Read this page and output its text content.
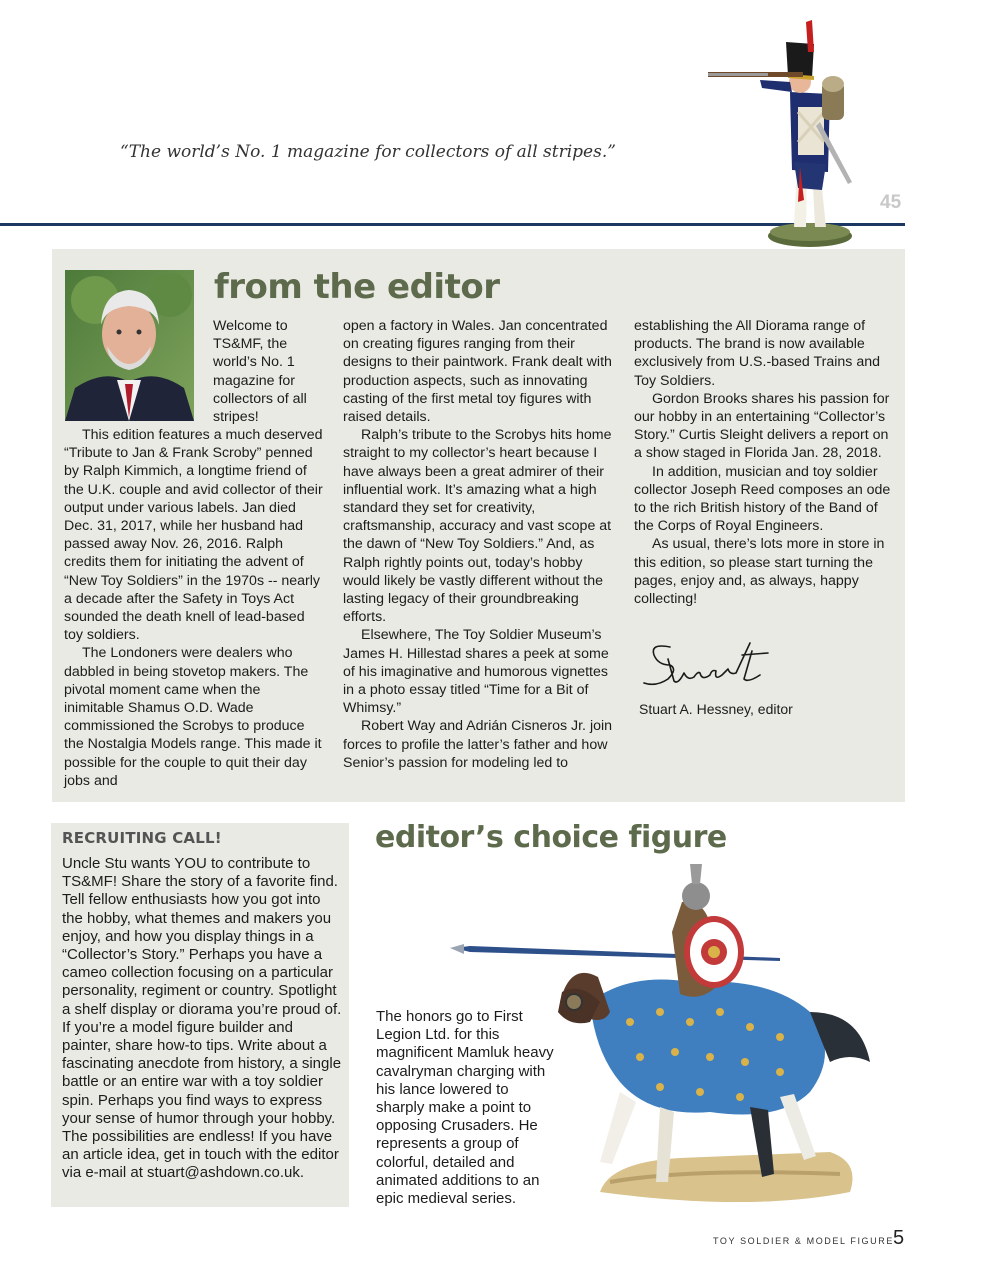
“The world’s No. 1 magazine for collectors of all stripes.”
45
from the editor

Welcome to TS&MF, the world’s No. 1 magazine for collectors of all stripes!

This edition features a much deserved “Tribute to Jan & Frank Scroby” penned by Ralph Kimmich, a longtime friend of the U.K. couple and avid collector of their output under various labels. Jan died Dec. 31, 2017, while her husband had passed away Nov. 26, 2016. Ralph credits them for initiating the advent of “New Toy Soldiers” in the 1970s -- nearly a decade after the Safety in Toys Act sounded the death knell of lead-based toy soldiers.

The Londoners were dealers who dabbled in being stovetop makers. The pivotal moment came when the inimitable Shamus O.D. Wade commissioned the Scrobys to produce the Nostalgia Models range. This made it possible for the couple to quit their day jobs and

open a factory in Wales. Jan concentrated on creating figures ranging from their designs to their paintwork. Frank dealt with production aspects, such as innovating casting of the first metal toy figures with raised details.

Ralph’s tribute to the Scrobys hits home straight to my collector’s heart because I have always been a great admirer of their influential work. It’s amazing what a high standard they set for creativity, craftsmanship, accuracy and vast scope at the dawn of “New Toy Soldiers.” And, as Ralph rightly points out, today’s hobby would likely be vastly different without the lasting legacy of their groundbreaking efforts.

Elsewhere, The Toy Soldier Museum’s James H. Hillestad shares a peek at some of his imaginative and humorous vignettes in a photo essay titled “Time for a Bit of Whimsy.”

Robert Way and Adrián Cisneros Jr. join forces to profile the latter’s father and how Senior’s passion for modeling led to

establishing the All Diorama range of products. The brand is now available exclusively from U.S.-based Trains and Toy Soldiers.

Gordon Brooks shares his passion for our hobby in an entertaining “Collector’s Story.” Curtis Sleight delivers a report on a show staged in Florida Jan. 28, 2018.

In addition, musician and toy soldier collector Joseph Reed composes an ode to the rich British history of the Band of the Corps of Royal Engineers.

As usual, there’s lots more in store in this edition, so please start turning the pages, enjoy and, as always, happy collecting!

Stuart A. Hessney, editor
RECRUITING CALL!
Uncle Stu wants YOU to contribute to TS&MF! Share the story of a favorite find. Tell fellow enthusiasts how you got into the hobby, what themes and makers you enjoy, and how you display things in a “Collector’s Story.” Perhaps you have a cameo collection focusing on a particular personality, regiment or country. Spotlight a shelf display or diorama you’re proud of. If you’re a model figure builder and painter, share how-to tips. Write about a fascinating anecdote from history, a single battle or an entire war with a toy soldier spin. Perhaps you find ways to express your sense of humor through your hobby. The possibilities are endless! If you have an article idea, get in touch with the editor via e-mail at stuart@ashdown.co.uk.
editor’s choice figure
The honors go to First Legion Ltd. for this magnificent Mamluk heavy cavalryman charging with his lance lowered to sharply make a point to opposing Crusaders. He represents a group of colorful, detailed and animated additions to an epic medieval series.
TOY SOLDIER & MODEL FIGURE 5
